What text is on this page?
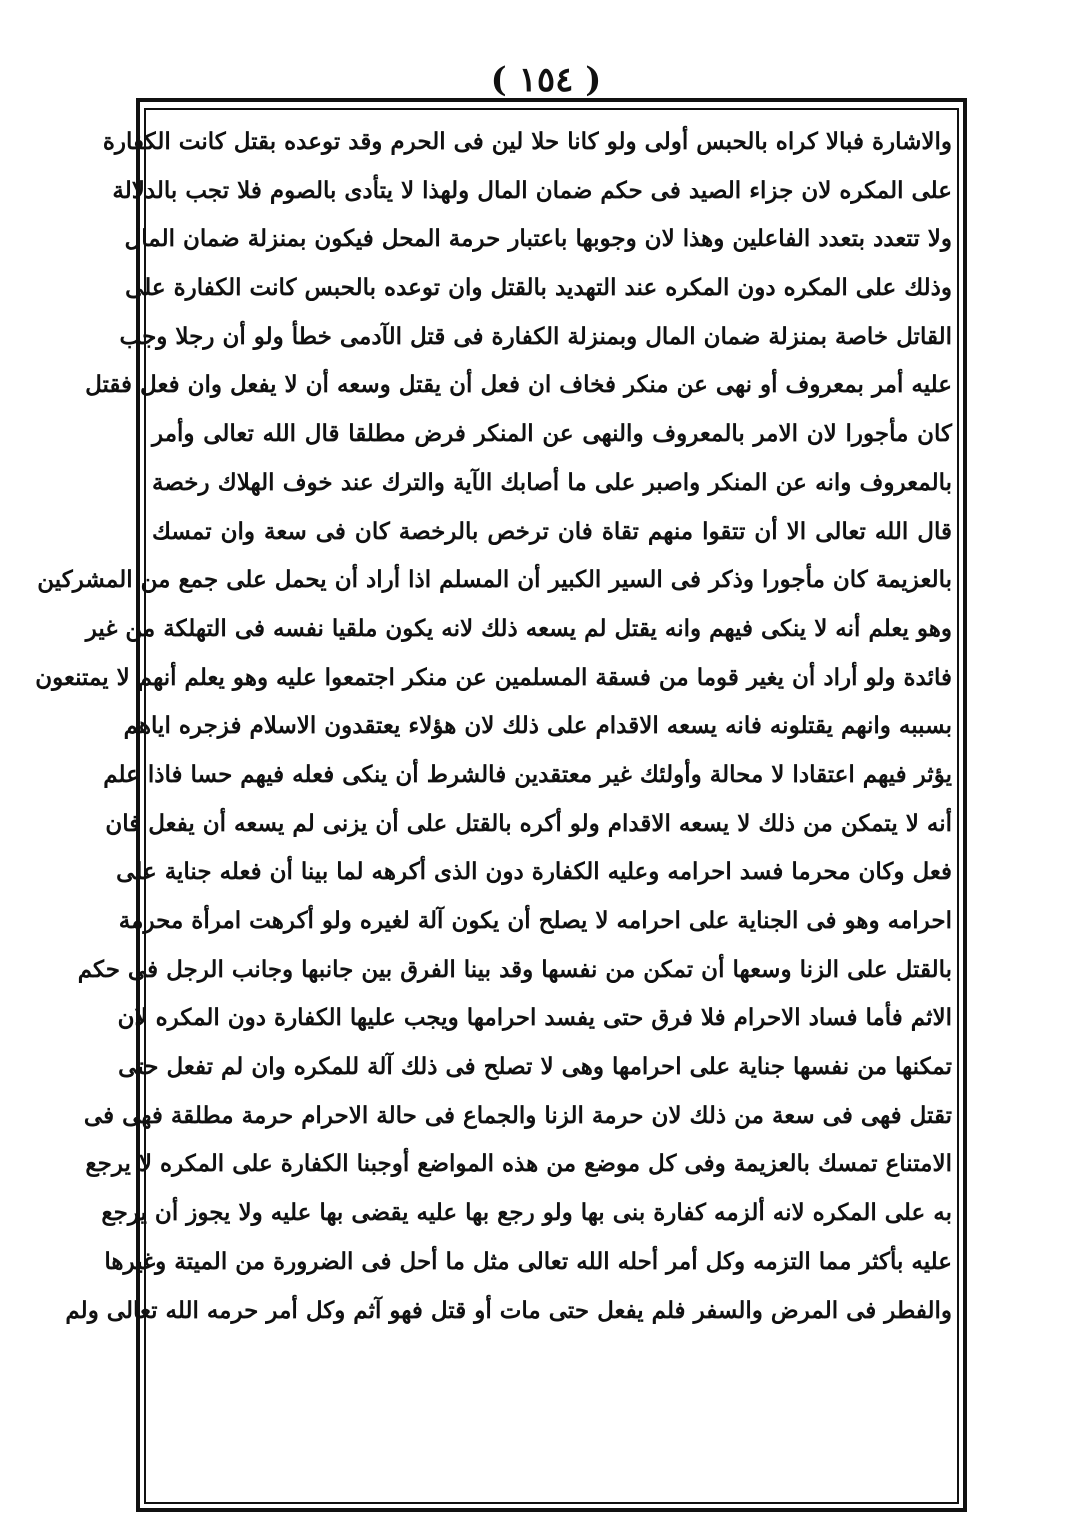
( ١٥٤ )
والاشارة فبالا كراه بالحبس أولى ولو كانا حلا لين فى الحرم وقد توعده بقتل كانت الكفارة
على المكره لان جزاء الصيد فى حكم ضمان المال ولهذا لا يتأدى بالصوم فلا تجب بالدلالة
ولا تتعدد بتعدد الفاعلين وهذا لان وجوبها باعتبار حرمة المحل فيكون بمنزلة ضمان المال
وذلك على المكره دون المكره عند التهديد بالقتل وان توعده بالحبس كانت الكفارة على
القاتل خاصة بمنزلة ضمان المال وبمنزلة الكفارة فى قتل الآدمى خطأ ولو أن رجلا وجب
عليه أمر بمعروف أو نهى عن منكر فخاف ان فعل أن يقتل وسعه أن لا يفعل وان فعل فقتل
كان مأجورا لان الامر بالمعروف والنهى عن المنكر فرض مطلقا قال الله تعالى وأمر
بالمعروف وانه عن المنكر واصبر على ما أصابك الآية والترك عند خوف الهلاك رخصة
قال الله تعالى الا أن تتقوا منهم تقاة فان ترخص بالرخصة كان فى سعة وان تمسك
بالعزيمة كان مأجورا وذكر فى السير الكبير أن المسلم اذا أراد أن يحمل على جمع من المشركين
وهو يعلم أنه لا ينكى فيهم وانه يقتل لم يسعه ذلك لانه يكون ملقيا نفسه فى التهلكة من غير
فائدة ولو أراد أن يغير قوما من فسقة المسلمين عن منكر اجتمعوا عليه وهو يعلم أنهم لا يمتنعون
بسببه وانهم يقتلونه فانه يسعه الاقدام على ذلك لان هؤلاء يعتقدون الاسلام فزجره اياهم
يؤثر فيهم اعتقادا لا محالة وأولئك غير معتقدين فالشرط أن ينكى فعله فيهم حسا فاذا علم
أنه لا يتمكن من ذلك لا يسعه الاقدام ولو أكره بالقتل على أن يزنى لم يسعه أن يفعل فان
فعل وكان محرما فسد احرامه وعليه الكفارة دون الذى أكرهه لما بينا أن فعله جناية على
احرامه وهو فى الجناية على احرامه لا يصلح أن يكون آلة لغيره ولو أكرهت امرأة محرمة
بالقتل على الزنا وسعها أن تمكن من نفسها وقد بينا الفرق بين جانبها وجانب الرجل فى حكم
الاثم فأما فساد الاحرام فلا فرق حتى يفسد احرامها ويجب عليها الكفارة دون المكره لان
تمكنها من نفسها جناية على احرامها وهى لا تصلح فى ذلك آلة للمكره وان لم تفعل حتى
تقتل فهى فى سعة من ذلك لان حرمة الزنا والجماع فى حالة الاحرام حرمة مطلقة فهى فى
الامتناع تمسك بالعزيمة وفى كل موضع من هذه المواضع أوجبنا الكفارة على المكره لا يرجع
به على المكره لانه ألزمه كفارة بنى بها ولو رجع بها عليه يقضى بها عليه ولا يجوز أن يرجع
عليه بأكثر مما التزمه وكل أمر أحله الله تعالى مثل ما أحل فى الضرورة من الميتة وغيرها
والفطر فى المرض والسفر فلم يفعل حتى مات أو قتل فهو آثم وكل أمر حرمه الله تعالى ولم
